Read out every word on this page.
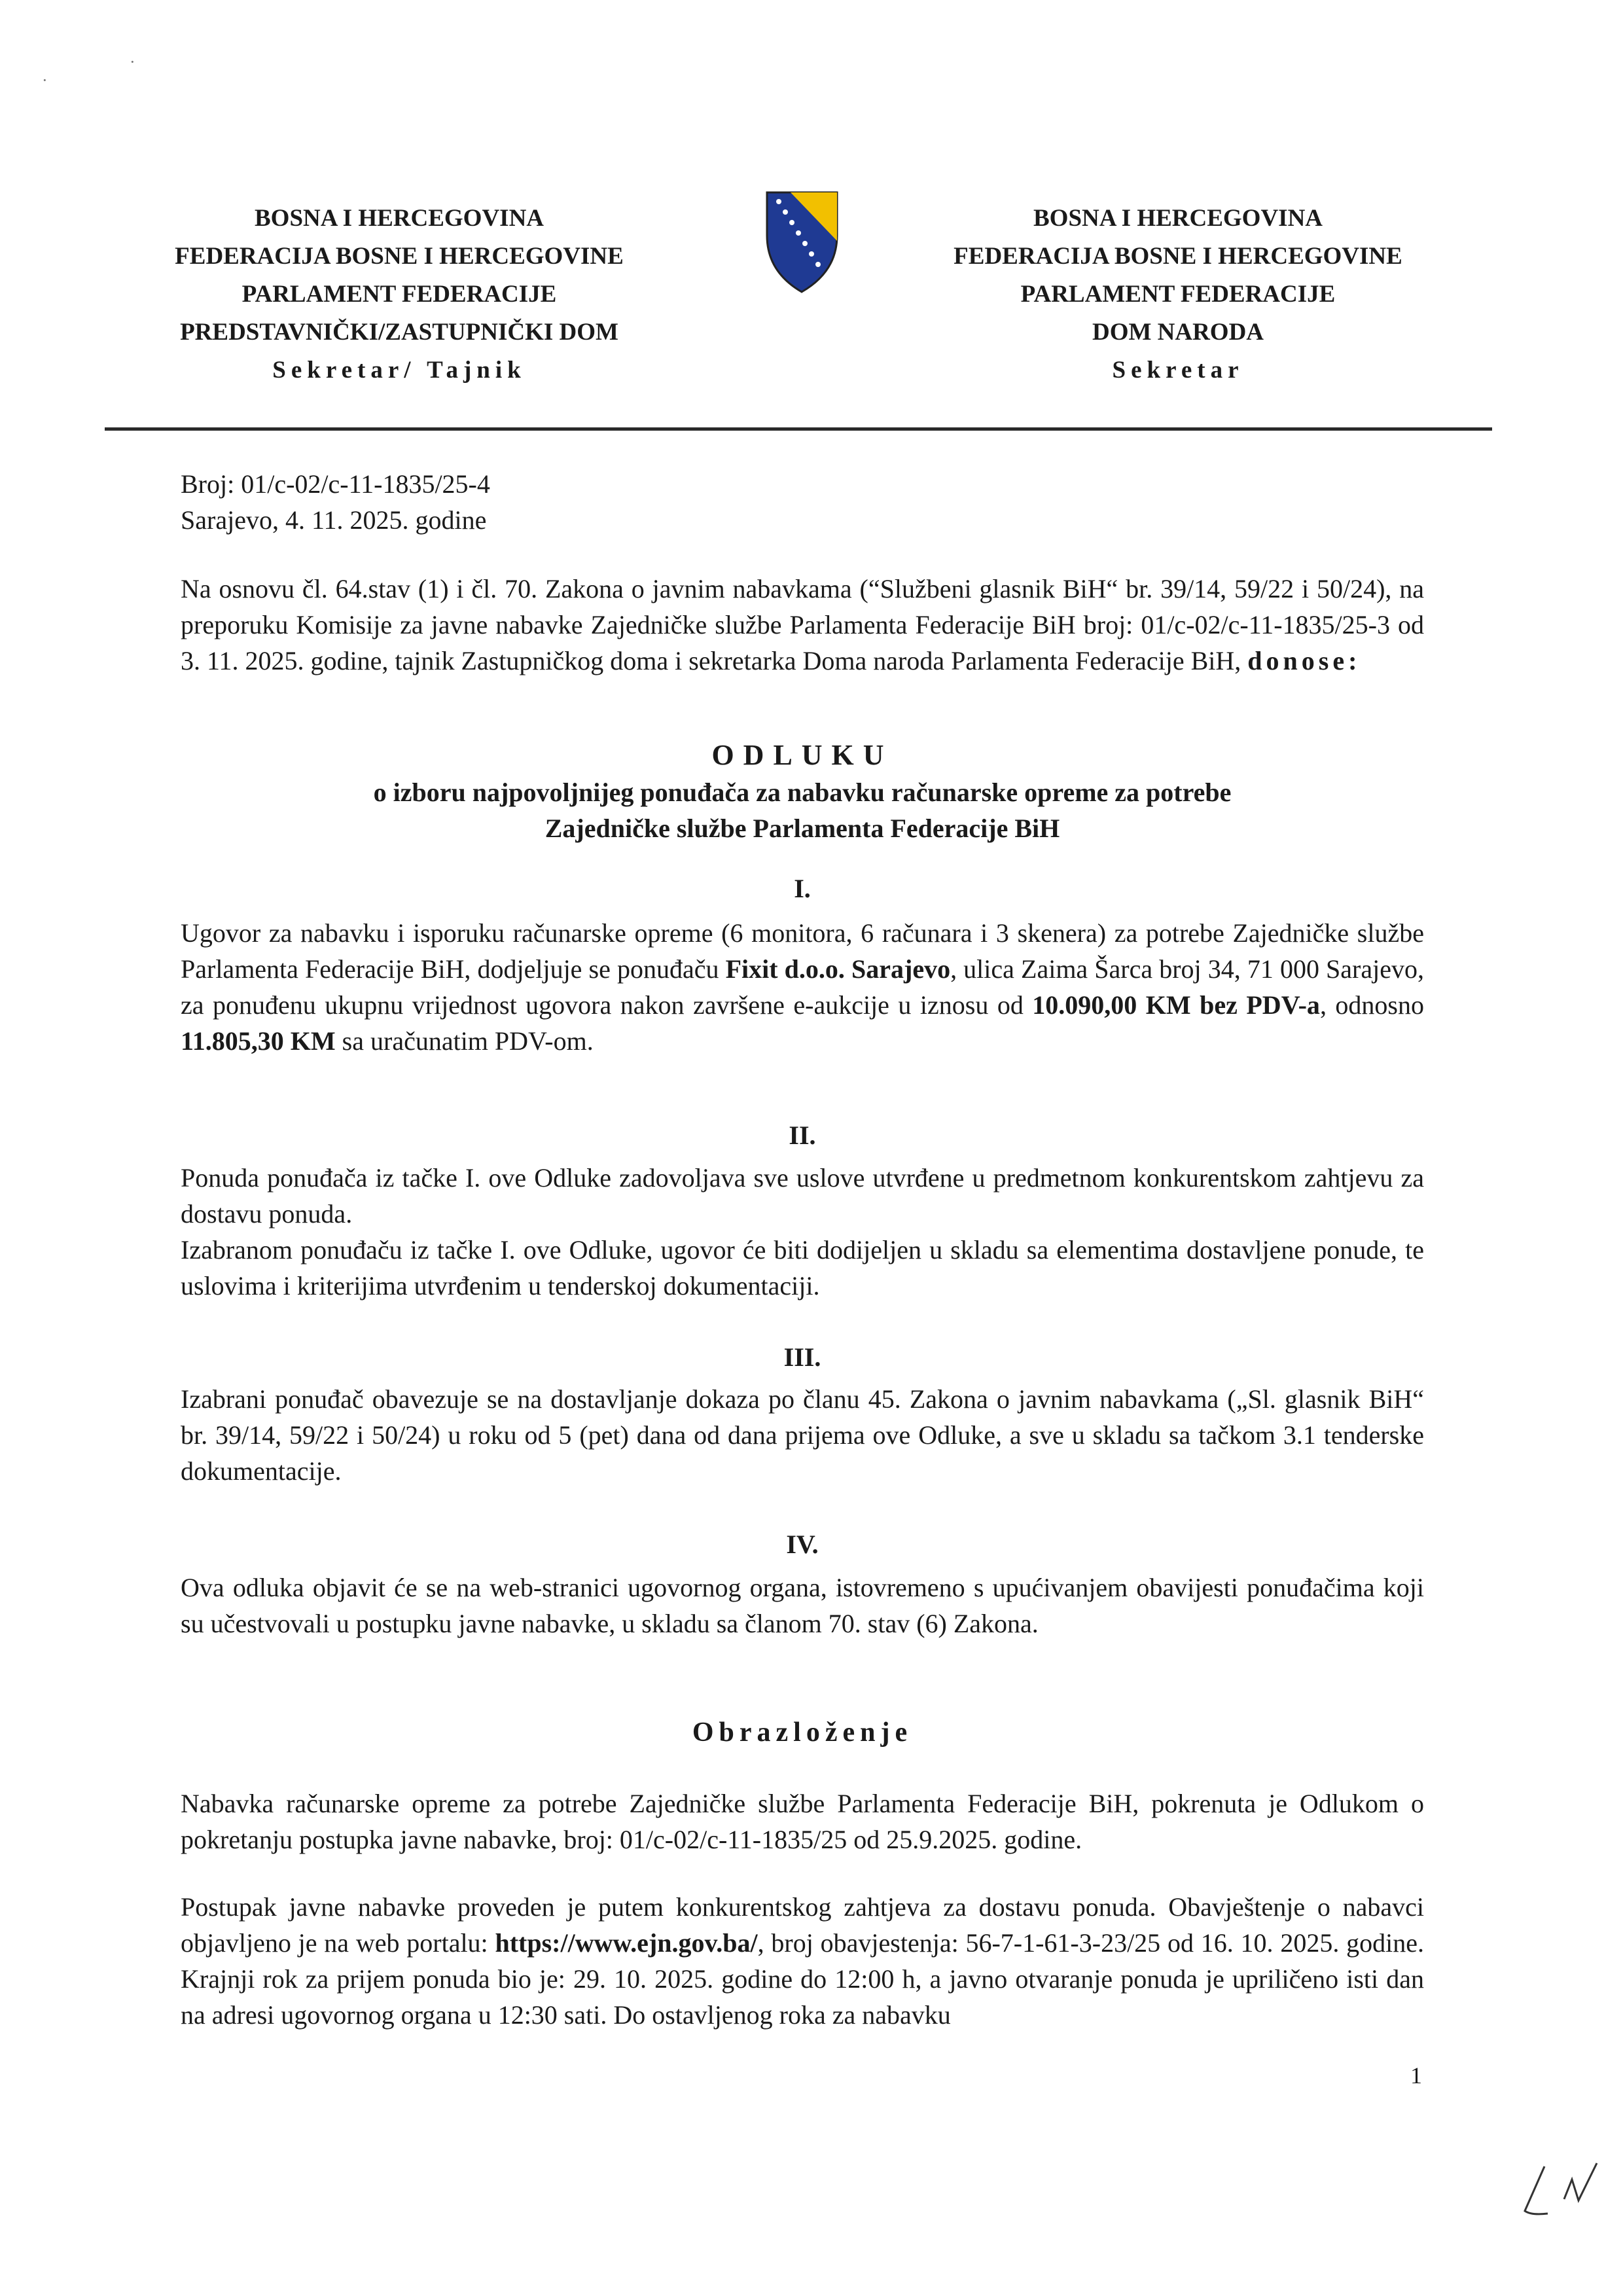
·
·
BOSNA I HERCEGOVINA
FEDERACIJA BOSNE I HERCEGOVINE
PARLAMENT FEDERACIJE
PREDSTAVNIČKI/ZASTUPNIČKI DOM
Sekretar/ Tajnik
BOSNA I HERCEGOVINA
FEDERACIJA BOSNE I HERCEGOVINE
PARLAMENT FEDERACIJE
DOM NARODA
Sekretar
Broj: 01/c-02/c-11-1835/25-4
Sarajevo, 4. 11. 2025. godine
Na osnovu čl. 64.stav (1) i čl. 70. Zakona o javnim nabavkama (“Službeni glasnik BiH“ br. 39/14, 59/22 i 50/24), na preporuku Komisije za javne nabavke Zajedničke službe Parlamenta Federacije BiH broj: 01/c-02/c-11-1835/25-3 od 3. 11. 2025. godine, tajnik Zastupničkog doma i sekretarka Doma naroda Parlamenta Federacije BiH, donose:
ODLUKU
o izboru najpovoljnijeg ponuđača za nabavku računarske opreme za potrebe
Zajedničke službe Parlamenta Federacije BiH
I.
Ugovor za nabavku i isporuku računarske opreme (6 monitora, 6 računara i 3 skenera) za potrebe Zajedničke službe Parlamenta Federacije BiH, dodjeljuje se ponuđaču Fixit d.o.o. Sarajevo, ulica Zaima Šarca broj 34, 71 000 Sarajevo, za ponuđenu ukupnu vrijednost ugovora nakon završene e-aukcije u iznosu od 10.090,00 KM bez PDV-a, odnosno 11.805,30 KM sa uračunatim PDV-om.
II.
Ponuda ponuđača iz tačke I. ove Odluke zadovoljava sve uslove utvrđene u predmetnom konkurentskom zahtjevu za dostavu ponuda.
Izabranom ponuđaču iz tačke I. ove Odluke, ugovor će biti dodijeljen u skladu sa elementima dostavljene ponude, te uslovima i kriterijima utvrđenim u tenderskoj dokumentaciji.
III.
Izabrani ponuđač obavezuje se na dostavljanje dokaza po članu 45. Zakona o javnim nabavkama („Sl. glasnik BiH“ br. 39/14, 59/22 i 50/24) u roku od 5 (pet) dana od dana prijema ove Odluke, a sve u skladu sa tačkom 3.1 tenderske dokumentacije.
IV.
Ova odluka objavit će se na web-stranici ugovornog organa, istovremeno s upućivanjem obavijesti ponuđačima koji su učestvovali u postupku javne nabavke, u skladu sa članom 70. stav (6) Zakona.
Obrazloženje
Nabavka računarske opreme za potrebe Zajedničke službe Parlamenta Federacije BiH, pokrenuta je Odlukom o pokretanju postupka javne nabavke, broj: 01/c-02/c-11-1835/25 od 25.9.2025. godine.
Postupak javne nabavke proveden je putem konkurentskog zahtjeva za dostavu ponuda. Obavještenje o nabavci objavljeno je na web portalu: https://www.ejn.gov.ba/, broj obavjestenja: 56-7-1-61-3-23/25 od 16. 10. 2025. godine. Krajnji rok za prijem ponuda bio je: 29. 10. 2025. godine do 12:00 h, a javno otvaranje ponuda je upriličeno isti dan na adresi ugovornog organa u 12:30 sati. Do ostavljenog roka za nabavku
1
